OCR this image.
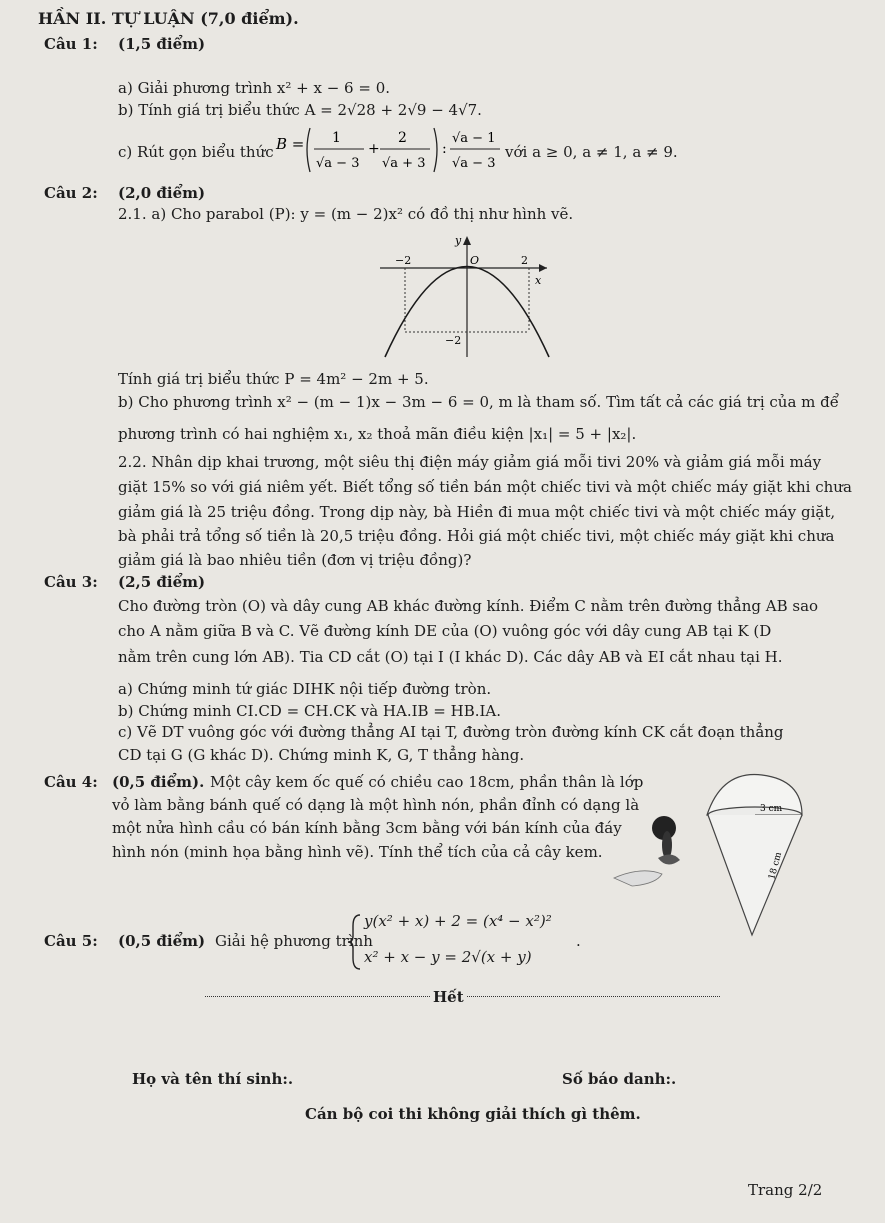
HẦN II. TỰ LUẬN (7,0 điểm).
Câu 1: (1,5 điểm)
a) Giải phương trình x² + x − 6 = 0.
b) Tính giá trị biểu thức A = 2√28 + 2√9 − 4√7.
c) Rút gọn biểu thức B = 1
√a − 3
+
2
√a + 3
:
√a − 1
√a − 3
với a ≥ 0, a ≠ 1, a ≠ 9.
Câu 2: (2,0 điểm)
2.1. a) Cho parabol (P): y = (m − 2)x² có đồ thị như hình vẽ.
y
x
O
−2	2
−2
Tính giá trị biểu thức P = 4m² − 2m + 5.
b) Cho phương trình x² − (m − 1)x − 3m − 6 = 0, m là tham số. Tìm tất cả các giá trị của m để
phương trình có hai nghiệm x₁, x₂ thoả mãn điều kiện |x₁| = 5 + |x₂|.
2.2. Nhân dịp khai trương, một siêu thị điện máy giảm giá mỗi tivi 20% và giảm giá mỗi máy
giặt 15% so với giá niêm yết. Biết tổng số tiền bán một chiếc tivi và một chiếc máy giặt khi chưa
giảm giá là 25 triệu đồng. Trong dịp này, bà Hiền đi mua một chiếc tivi và một chiếc máy giặt,
bà phải trả tổng số tiền là 20,5 triệu đồng. Hỏi giá một chiếc tivi, một chiếc máy giặt khi chưa
giảm giá là bao nhiêu tiền (đơn vị triệu đồng)?
Câu 3: (2,5 điểm)
Cho đường tròn (O) và dây cung AB khác đường kính. Điểm C nằm trên đường thẳng AB sao
cho A nằm giữa B và C. Vẽ đường kính DE của (O) vuông góc với dây cung AB tại K (D
nằm trên cung lớn AB). Tia CD cắt (O) tại I (I khác D). Các dây AB và EI cắt nhau tại H.
a) Chứng minh tứ giác DIHK nội tiếp đường tròn.
b) Chứng minh CI.CD = CH.CK và HA.IB = HB.IA.
c) Vẽ DT vuông góc với đường thẳng AI tại T, đường tròn đường kính CK cắt đoạn thẳng
CD tại G (G khác D). Chứng minh K, G, T thẳng hàng.
Câu 4: (0,5 điểm). Một cây kem ốc quế có chiều cao 18cm, phần thân là lớp
vỏ làm bằng bánh quế có dạng là một hình nón, phần đỉnh có dạng là
một nửa hình cầu có bán kính bằng 3cm bằng với bán kính của đáy
hình nón (minh họa bằng hình vẽ). Tính thể tích của cả cây kem.
3 cm
18 cm
Câu 5: (0,5 điểm) Giải hệ phương trình
y(x² + x) + 2 = (x⁴ − x²)²
.
x² + x − y = 2√(x + y)
Hết
Họ và tên thí sinh:.	Số báo danh:.
Cán bộ coi thi không giải thích gì thêm.
Trang 2/2
